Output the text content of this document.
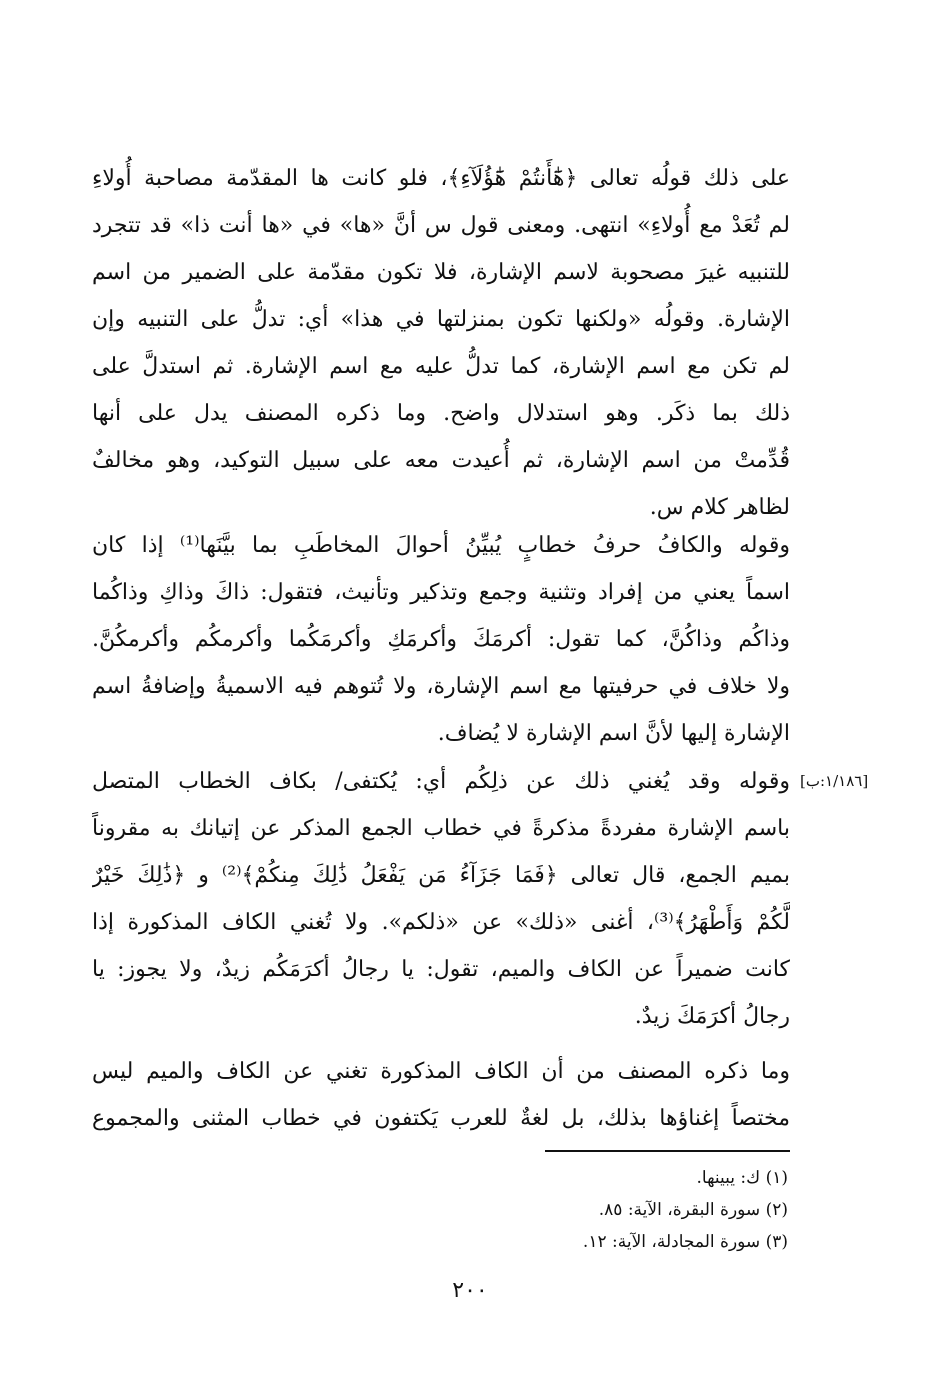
على ذلك قولُه تعالى ﴿هَٰٓأَنتُمْ هَٰٓؤُلَآءِ﴾، فلو كانت ها المقدّمة مصاحبة أُولاءِ
لم تُعَدْ مع أُولاءِ» انتهى. ومعنى قول س أنَّ «ها» في «ها أنت ذا» قد تتجرد
للتنبيه غيرَ مصحوبة لاسم الإشارة، فلا تكون مقدّمة على الضمير من اسم
الإشارة. وقولُه «ولكنها تكون بمنزلتها في هذا» أي: تدلُّ على التنبيه وإن
لم تكن مع اسم الإشارة، كما تدلُّ عليه مع اسم الإشارة. ثم استدلَّ على
ذلك بما ذكَر. وهو استدلال واضح. وما ذكره المصنف يدل على أنها
قُدِّمتْ من اسم الإشارة، ثم أُعيدت معه على سبيل التوكيد، وهو مخالفٌ
لظاهر كلام س.
وقوله والكافُ حرفُ خطابٍ يُبيِّنُ أحوالَ المخاطَبِ بما بيَّنَها⁽¹⁾ إذا كان
اسماً يعني من إفراد وتثنية وجمع وتذكير وتأنيث، فتقول: ذاكَ وذاكِ وذاكُما
وذاكُم وذاكُنَّ، كما تقول: أكرمَكَ وأكرمَكِ وأكرمَكُما وأكرمكُم وأكرمكُنَّ.
ولا خلاف في حرفيتها مع اسم الإشارة، ولا تُتوهم فيه الاسميةُ وإضافةُ اسم
الإشارة إليها لأنَّ اسم الإشارة لا يُضاف.
[١/١٨٦:ب]
وقوله وقد يُغني ذلك عن ذلِكُم أي: يُكتفى/ بكاف الخطاب المتصل
باسم الإشارة مفردةً مذكرةً في خطاب الجمع المذكر عن إتيانك به مقروناً
بميم الجمع، قال تعالى ﴿فَمَا جَزَآءُ مَن يَفْعَلُ ذَٰلِكَ مِنكُمْ﴾⁽²⁾ و ﴿ذَٰلِكَ خَيْرٌ
لَّكُمْ وَأَطْهَرُ﴾⁽³⁾، أغنى «ذلك» عن «ذلكم». ولا تُغني الكاف المذكورة إذا
كانت ضميراً عن الكاف والميم، تقول: يا رجالُ أكرَمَكُم زيدٌ، ولا يجوز: يا
رجالُ أكرَمَكَ زيدٌ.
وما ذكره المصنف من أن الكاف المذكورة تغني عن الكاف والميم ليس
مختصاً إغناؤها بذلك، بل لغةٌ للعرب يَكتفون في خطاب المثنى والمجموع
(١) ك: يبينها.
(٢) سورة البقرة، الآية: ٨٥.
(٣) سورة المجادلة، الآية: ١٢.
٢٠٠
